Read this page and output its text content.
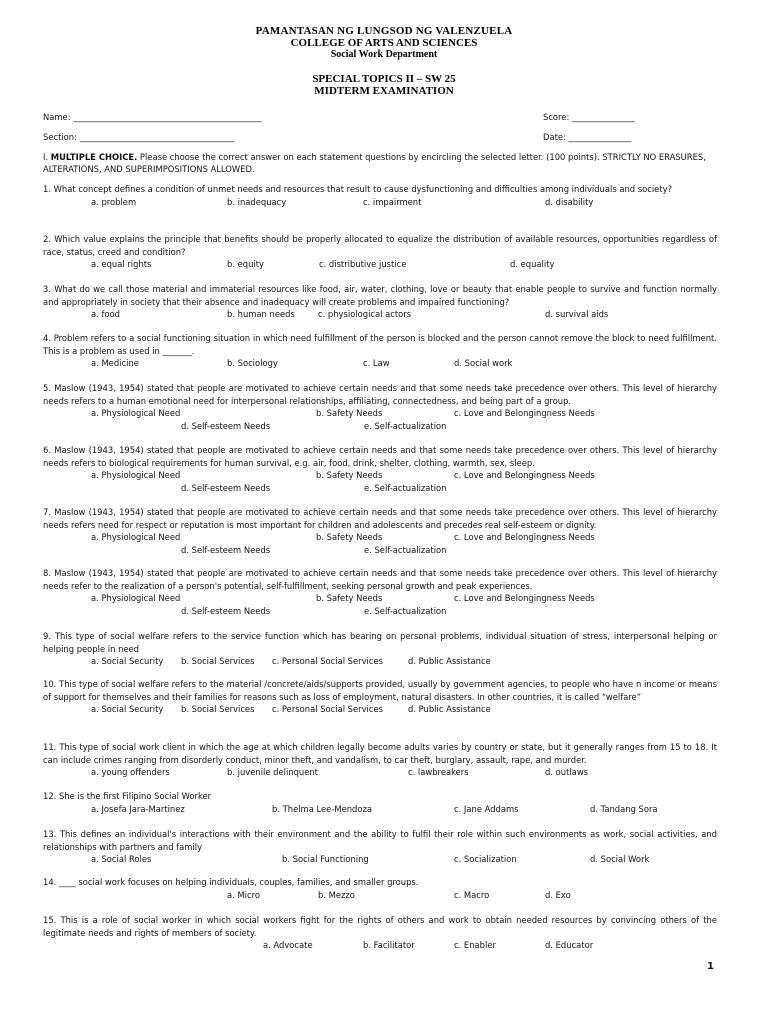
PAMANTASAN NG LUNGSOD NG VALENZUELA
COLLEGE OF ARTS AND SCIENCES
Social Work Department
SPECIAL TOPICS II – SW 25
MIDTERM EXAMINATION
Name: _____________________________________________	Score: _______________
Section: _____________________________________	Date: _______________
I. MULTIPLE CHOICE. Please choose the correct answer on each statement questions by encircling the selected letter. (100 points). STRICTLY NO ERASURES, ALTERATIONS, AND SUPERIMPOSITIONS ALLOWED.
1. What concept defines a condition of unmet needs and resources that result to cause dysfunctioning and difficulties among individuals and society?
a. problem	b. inadequacy	c. impairment	d. disability
2. Which value explains the principle that benefits should be properly allocated to equalize the distribution of available resources, opportunities regardless of race, status, creed and condition?
a. equal rights	b. equity	c. distributive justice	d. equality
3. What do we call those material and immaterial resources like food, air, water, clothing, love or beauty that enable people to survive and function normally and appropriately in society that their absence and inadequacy will create problems and impaired functioning?
a. food	b. human needs	c. physiological actors	d. survival aids
4. Problem refers to a social functioning situation in which need fulfillment of the person is blocked and the person cannot remove the block to need fulfillment. This is a problem as used in _______.
a. Medicine	b. Sociology	c. Law	d. Social work
5. Maslow (1943, 1954) stated that people are motivated to achieve certain needs and that some needs take precedence over others. This level of hierarchy needs refers to a human emotional need for interpersonal relationships, affiliating, connectedness, and being part of a group.
a. Physiological Need	b. Safety Needs	c. Love and Belongingness Needs
d. Self-esteem Needs	e. Self-actualization
6. Maslow (1943, 1954) stated that people are motivated to achieve certain needs and that some needs take precedence over others. This level of hierarchy needs refers to biological requirements for human survival, e.g. air, food, drink, shelter, clothing, warmth, sex, sleep.
a. Physiological Need	b. Safety Needs	c. Love and Belongingness Needs
d. Self-esteem Needs	e. Self-actualization
7. Maslow (1943, 1954) stated that people are motivated to achieve certain needs and that some needs take precedence over others. This level of hierarchy needs refers need for respect or reputation is most important for children and adolescents and precedes real self-esteem or dignity.
a. Physiological Need	b. Safety Needs	c. Love and Belongingness Needs
d. Self-esteem Needs	e. Self-actualization
8. Maslow (1943, 1954) stated that people are motivated to achieve certain needs and that some needs take precedence over others. This level of hierarchy needs refer to the realization of a person's potential, self-fulfillment, seeking personal growth and peak experiences.
a. Physiological Need	b. Safety Needs	c. Love and Belongingness Needs
d. Self-esteem Needs	e. Self-actualization
9. This type of social welfare refers to the service function which has bearing on personal problems, individual situation of stress, interpersonal helping or helping people in need
a. Social Security b. Social Services c. Personal Social Services	d. Public Assistance
10. This type of social welfare refers to the material /concrete/aids/supports provided, usually by government agencies, to people who have n income or means of support for themselves and their families for reasons such as loss of employment, natural disasters. In other countries, it is called “welfare”
a. Social Security b. Social Services c. Personal Social Services	d. Public Assistance
11. This type of social work client in which the age at which children legally become adults varies by country or state, but it generally ranges from 15 to 18. It can include crimes ranging from disorderly conduct, minor theft, and vandalism, to car theft, burglary, assault, rape, and murder.
a. young offenders	b. juvenile delinquent	c. lawbreakers	d. outlaws
12. She is the first Filipino Social Worker
a. Josefa Jara-Martinez	b. Thelma Lee-Mendoza	c. Jane Addams	d. Tandang Sora
13. This defines an individual's interactions with their environment and the ability to fulfil their role within such environments as work, social activities, and relationships with partners and family
a. Social Roles	b. Social Functioning	c. Socialization	d. Social Work
14. ____ social work focuses on helping individuals, couples, families, and smaller groups.
a. Micro	b. Mezzo	c. Macro	d. Exo
15. This is a role of social worker in which social workers fight for the rights of others and work to obtain needed resources by convincing others of the legitimate needs and rights of members of society.
a. Advocate	b. Facilitator	c. Enabler	d. Educator
1
